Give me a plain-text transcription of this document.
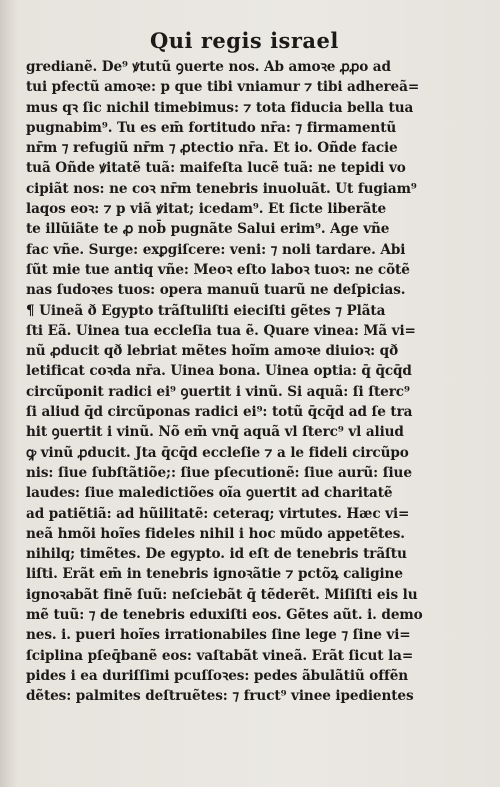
Qui regis israel
gredianẽ. De⁹ ꝟtutũ ꝯuerte nos. Ab amoꝛe ꝓꝓo ad
tui pfectũ amoꝛe: p que tibi vniamur ⁊ tibi adhereã=
mus qꝛ ſic nichil timebimus: ⁊ tota fiducia bella tua
pugnabim⁹. Tu es em̄ fortitudo nr̄a: ⁊ firmamentũ
nr̄m ⁊ refugiũ nr̄m ⁊ ꝓtectio nr̄a. Et io. Oñde facie
tuã Oñde ꝟitatẽ tuã: maifeſta lucẽ tuã: ne tepidi vo
cipiãt nos: ne coꝛ nr̄m tenebris inuoluãt. Ut fugiam⁹
laqos eoꝛ: ⁊ p viã ꝟitat; icedam⁹. Et ſicte liberãte
te illũiãte te ꝓ nob̄ pugnãte Salui erim⁹. Age vñe
fac vñe. Surge: exꝑgiſcere: veni: ⁊ noli tardare. Abi
ſũt mie tue antiq vñe: Meoꝛ eſto laboꝛ tuoꝛ: ne cõtẽ
nas ſudoꝛes tuos: opera manuũ tuarũ ne deſpicias.
¶ Uineã ð Egypto trãſtuliſti eieciſti gẽtes ⁊ Plãta
ſti Eã. Uinea tua eccleſia tua ẽ. Quare vinea: Mã vi=
nũ ꝓducit qð lebriat mẽtes hoĩm amoꝛe diuioꝛ: qð
letificat coꝛda nr̄a. Uinea bona. Uinea optia: q̄ q̄cq̄d
circũponit radici ei⁹ ꝯuertit i vinũ. Si aquã: ſi ſterc⁹
ſi aliud q̄d circũponas radici ei⁹: totũ q̄cq̄d ad ſe tra
hit ꝯuertit i vinũ. Nõ em̄ vnq̄ aquã vl ſterc⁹ vl aliud
ꝙ vinũ ꝓducit. Jta q̄cq̄d eccleſie ⁊ a le fideli circũpo
nis: ſiue ſubſtãtiõe;: ſiue pſecutionẽ: ſiue aurũ: ſiue
laudes: ſiue maledictiões oĩa ꝯuertit ad charitatẽ
ad patiẽtiã: ad hũilitatẽ: ceteraq; virtutes. Hæc vi=
neã hmõi hoĩes fideles nihil i hoc mũdo appetẽtes.
nihilq; timẽtes. De egypto. id eſt de tenebris trãſtu
liſti. Erãt em̄ in tenebris ignoꝛãtie ⁊ pctõꝝ caligine
ignoꝛabãt finẽ ſuũ: neſciebãt q̄ tẽderẽt. Miſiſti eis lu
mẽ tuũ: ⁊ de tenebris eduxiſti eos. Gẽtes aũt. i. demo
nes. i. pueri hoĩes irrationabiles ſine lege ⁊ ſine vi=
ſciplina pſeq̄banẽ eos: vaſtabãt vineã. Erãt ſicut la=
pides i ea duriſſimi pcuſſoꝛes: pedes ãbulãtiũ offẽn
dẽtes: palmites deſtruẽtes: ⁊ fruct⁹ vinee ipedientes
